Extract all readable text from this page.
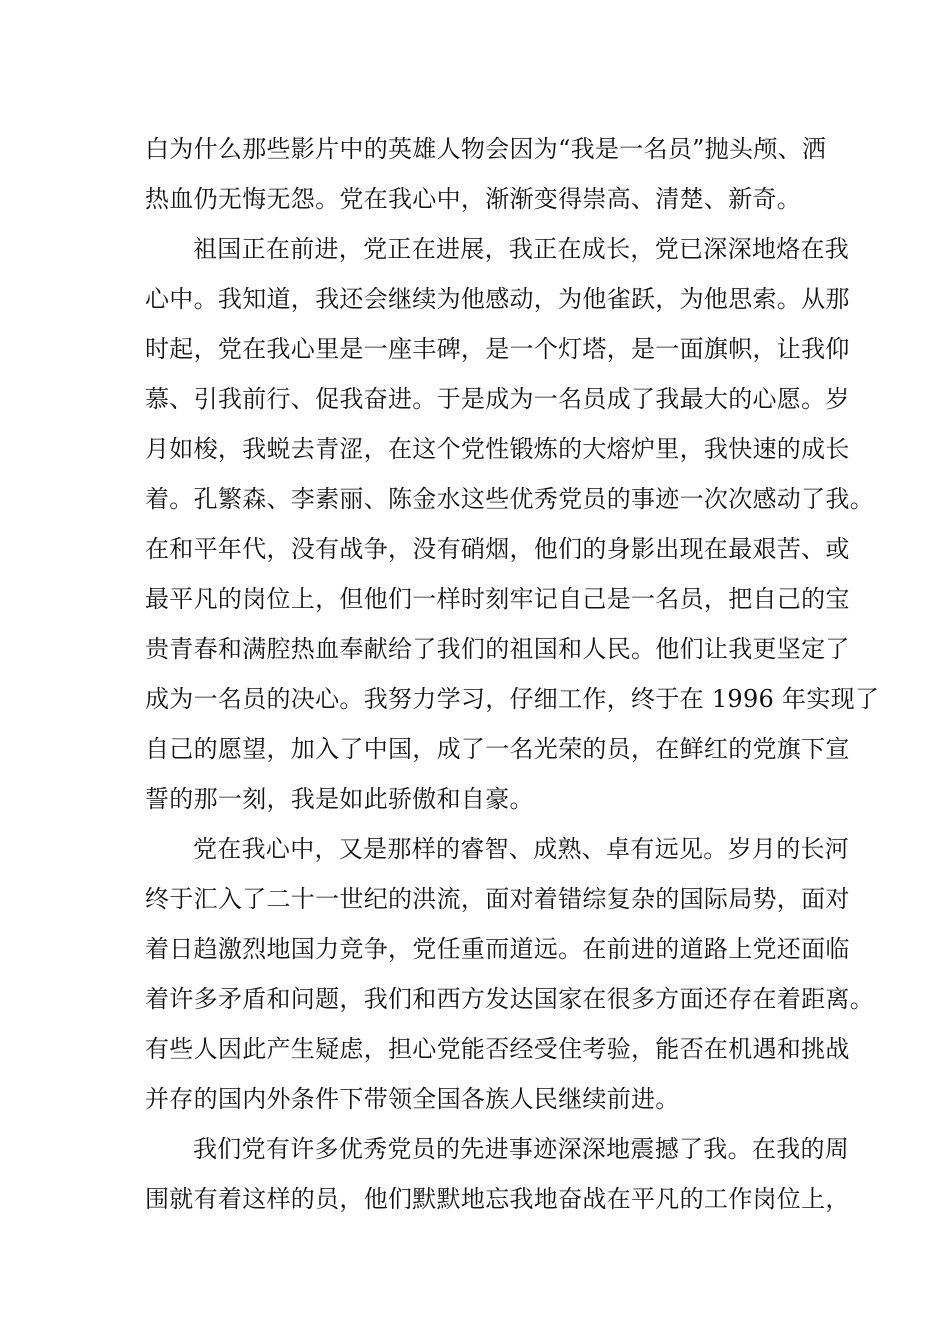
白为什么那些影片中的英雄人物会因为“我是一名员”抛头颅、洒
热血仍无悔无怨。党在我心中，渐渐变得崇高、清楚、新奇。
祖国正在前进，党正在进展，我正在成长，党已深深地烙在我
心中。我知道，我还会继续为他感动，为他雀跃，为他思索。从那
时起，党在我心里是一座丰碑，是一个灯塔，是一面旗帜，让我仰
慕、引我前行、促我奋进。于是成为一名员成了我最大的心愿。岁
月如梭，我蜕去青涩，在这个党性锻炼的大熔炉里，我快速的成长
着。孔繁森、李素丽、陈金水这些优秀党员的事迹一次次感动了我。
在和平年代，没有战争，没有硝烟，他们的身影出现在最艰苦、或
最平凡的岗位上，但他们一样时刻牢记自己是一名员，把自己的宝
贵青春和满腔热血奉献给了我们的祖国和人民。他们让我更坚定了
成为一名员的决心。我努力学习，仔细工作，终于在 1996 年实现了
自己的愿望，加入了中国，成了一名光荣的员，在鲜红的党旗下宣
誓的那一刻，我是如此骄傲和自豪。
党在我心中，又是那样的睿智、成熟、卓有远见。岁月的长河
终于汇入了二十一世纪的洪流，面对着错综复杂的国际局势，面对
着日趋激烈地国力竞争，党任重而道远。在前进的道路上党还面临
着许多矛盾和问题，我们和西方发达国家在很多方面还存在着距离。
有些人因此产生疑虑，担心党能否经受住考验，能否在机遇和挑战
并存的国内外条件下带领全国各族人民继续前进。
我们党有许多优秀党员的先进事迹深深地震撼了我。在我的周
围就有着这样的员，他们默默地忘我地奋战在平凡的工作岗位上，
